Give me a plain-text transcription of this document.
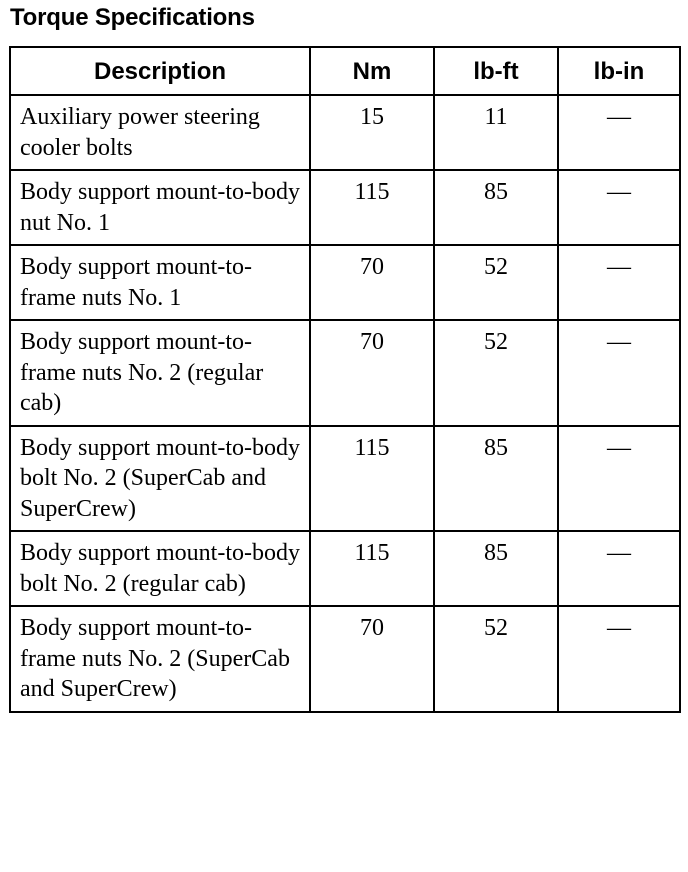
Torque Specifications
Description	Nm	lb-ft	lb-in
Auxiliary power steering cooler bolts	15	11	—
Body support mount-to-body nut No. 1	115	85	—
Body support mount-to-frame nuts No. 1	70	52	—
Body support mount-to-frame nuts No. 2 (regular cab)	70	52	—
Body support mount-to-body bolt No. 2 (SuperCab and SuperCrew)	115	85	—
Body support mount-to-body bolt No. 2 (regular cab)	115	85	—
Body support mount-to-frame nuts No. 2 (SuperCab and SuperCrew)	70	52	—
